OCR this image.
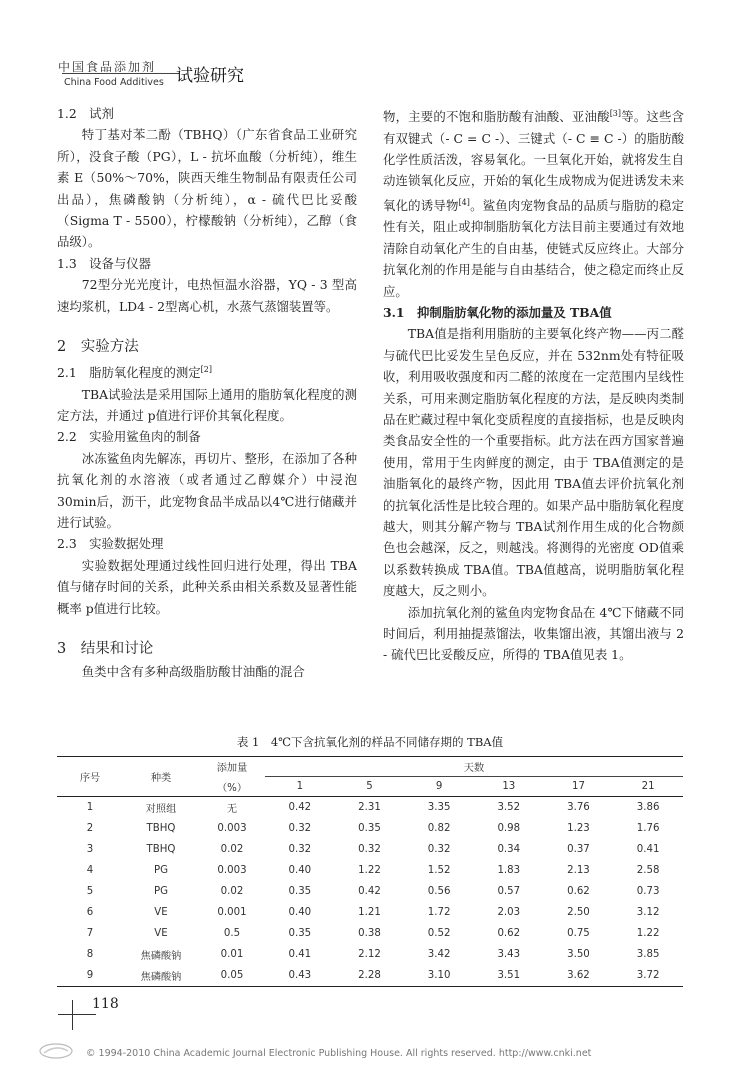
中国食品添加剂
China Food Additives 试验研究

1.2　试剂

特丁基对苯二酚（TBHQ）（广东省食品工业研究所），没食子酸（PG），L - 抗坏血酸（分析纯），维生素 E（50%～70%，陕西天维生物制品有限责任公司出品），焦磷酸钠（分析纯），α - 硫代巴比妥酸（Sigma T - 5500），柠檬酸钠（分析纯），乙醇（食品级）。

1.3　设备与仪器

72型分光光度计，电热恒温水浴器，YQ - 3 型高速均浆机，LD4 - 2型离心机，水蒸气蒸馏装置等。

2　实验方法

2.1　脂肪氧化程度的测定[2]

TBA试验法是采用国际上通用的脂肪氧化程度的测定方法，并通过 p值进行评价其氧化程度。

2.2　实验用鲨鱼肉的制备

冰冻鲨鱼肉先解冻，再切片、整形，在添加了各种抗氧化剂的水溶液（或者通过乙醇媒介）中浸泡 30min后，沥干，此宠物食品半成品以4℃进行储藏并进行试验。

2.3　实验数据处理

实验数据处理通过线性回归进行处理，得出 TBA值与储存时间的关系，此种关系由相关系数及显著性能概率 p值进行比较。

3　结果和讨论

鱼类中含有多种高级脂肪酸甘油酯的混合

物，主要的不饱和脂肪酸有油酸、亚油酸[3]等。这些含有双键式（- C = C -）、三键式（- C ≡ C -）的脂肪酸化学性质活泼，容易氧化。一旦氧化开始，就将发生自动连锁氧化反应，开始的氧化生成物成为促进诱发未来氧化的诱导物[4]。鲨鱼肉宠物食品的品质与脂肪的稳定性有关，阻止或抑制脂肪氧化方法目前主要通过有效地清除自动氧化产生的自由基，使链式反应终止。大部分抗氧化剂的作用是能与自由基结合，使之稳定而终止反应。

3.1　抑制脂肪氧化物的添加量及 TBA值

TBA值是指利用脂肪的主要氧化终产物——丙二醛与硫代巴比妥发生呈色反应，并在 532nm处有特征吸收，利用吸收强度和丙二醛的浓度在一定范围内呈线性关系，可用来测定脂肪氧化程度的方法，是反映肉类制品在贮藏过程中氧化变质程度的直接指标，也是反映肉类食品安全性的一个重要指标。此方法在西方国家普遍使用，常用于生肉鲜度的测定，由于 TBA值测定的是油脂氧化的最终产物，因此用 TBA值去评价抗氧化剂的抗氧化活性是比较合理的。如果产品中脂肪氧化程度越大，则其分解产物与 TBA试剂作用生成的化合物颜色也会越深，反之，则越浅。将测得的光密度 OD值乘以系数转换成 TBA值。TBA值越高，说明脂肪氧化程度越大，反之则小。

添加抗氧化剂的鲨鱼肉宠物食品在 4℃下储藏不同时间后，利用抽提蒸馏法，收集馏出液，其馏出液与 2 - 硫代巴比妥酸反应，所得的 TBA值见表 1。

表 1　4℃下含抗氧化剂的样品不同储存期的 TBA值
序号	种类	添加量	天数					
		（%）	1	5	9	13	17	21
1	对照组	无	0.42	2.31	3.35	3.52	3.76	3.86
2	TBHQ	0.003	0.32	0.35	0.82	0.98	1.23	1.76
3	TBHQ	0.02	0.32	0.32	0.32	0.34	0.37	0.41
4	PG	0.003	0.40	1.22	1.52	1.83	2.13	2.58
5	PG	0.02	0.35	0.42	0.56	0.57	0.62	0.73
6	VE	0.001	0.40	1.21	1.72	2.03	2.50	3.12
7	VE	0.5	0.35	0.38	0.52	0.62	0.75	1.22
8	焦磷酸钠	0.01	0.41	2.12	3.42	3.43	3.50	3.85
9	焦磷酸钠	0.05	0.43	2.28	3.10	3.51	3.62	3.72
118
© 1994-2010 China Academic Journal Electronic Publishing House. All rights reserved. http://www.cnki.net
